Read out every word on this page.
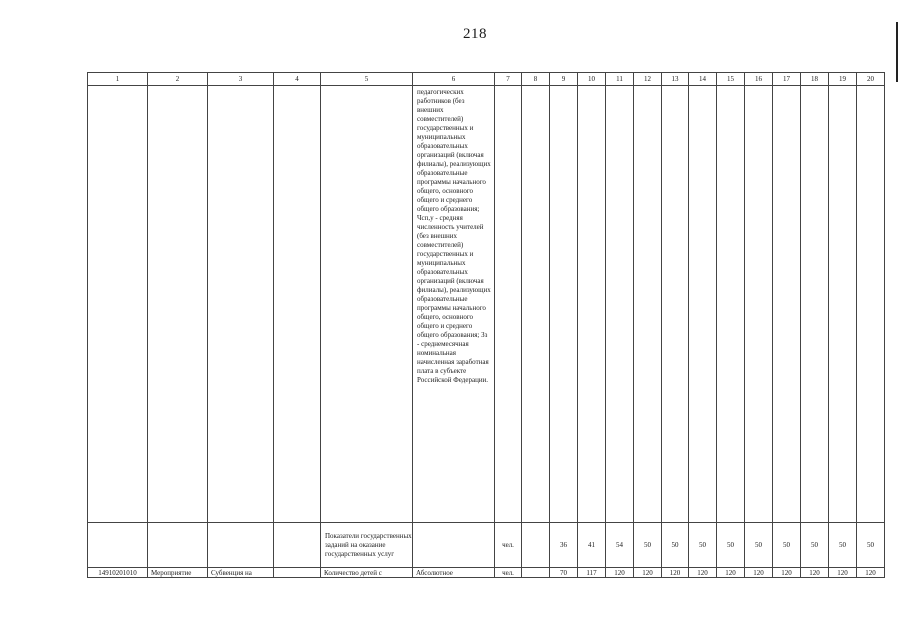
218
1	2	3	4	5	6	7	8	9	10	11	12	13	14	15	16	17	18	19	20
					педагогических работников (без внешних совместителей) государственных и муниципальных образовательных организаций (включая филиалы), реализующих образовательные программы начального общего, основного общего и среднего общего образования; Чсп,у - средняя численность учителей (без внешних совместителей) государственных и муниципальных образовательных организаций (включая филиалы), реализующих образовательные программы начального общего, основного общего и среднего общего образования; Зз - среднемесячная номинальная начисленная заработная плата в субъекте Российской Федерации.														
				Показатели государственных заданий на оказание государственных услуг		чел.		36	41	54	50	50	50	50	50	50	50	50	50
14910201010	Мероприятие	Субвенция на		Количество детей с	Абсолютное	чел.		70	117	120	120	120	120	120	120	120	120	120	120
